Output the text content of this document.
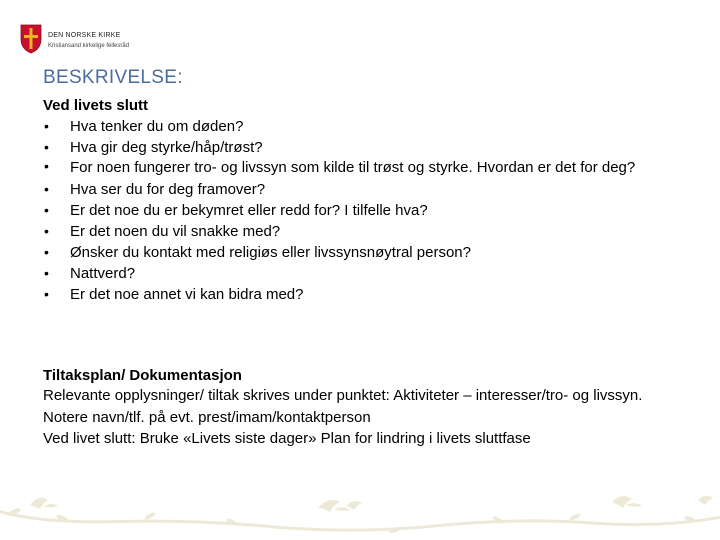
DEN NORSKE KIRKE
Kristiansand kirkelige fellesråd
BESKRIVELSE:
Ved livets slutt
• Hva tenker du om døden?
• Hva gir deg styrke/håp/trøst?
• For noen fungerer tro- og livssyn som kilde til trøst og styrke. Hvordan er det for deg?
• Hva ser du for deg framover?
• Er det noe du er bekymret eller redd for? I tilfelle hva?
• Er det noen du vil snakke med?
• Ønsker du kontakt med religiøs eller livssynsnøytral person?
• Nattverd?
• Er det noe annet vi kan bidra med?
Tiltaksplan/ Dokumentasjon
Relevante opplysninger/ tiltak skrives under punktet: Aktiviteter – interesser/tro- og livssyn.
Notere navn/tlf. på evt. prest/imam/kontaktperson
Ved livet slutt: Bruke «Livets siste dager» Plan for lindring i livets sluttfase
